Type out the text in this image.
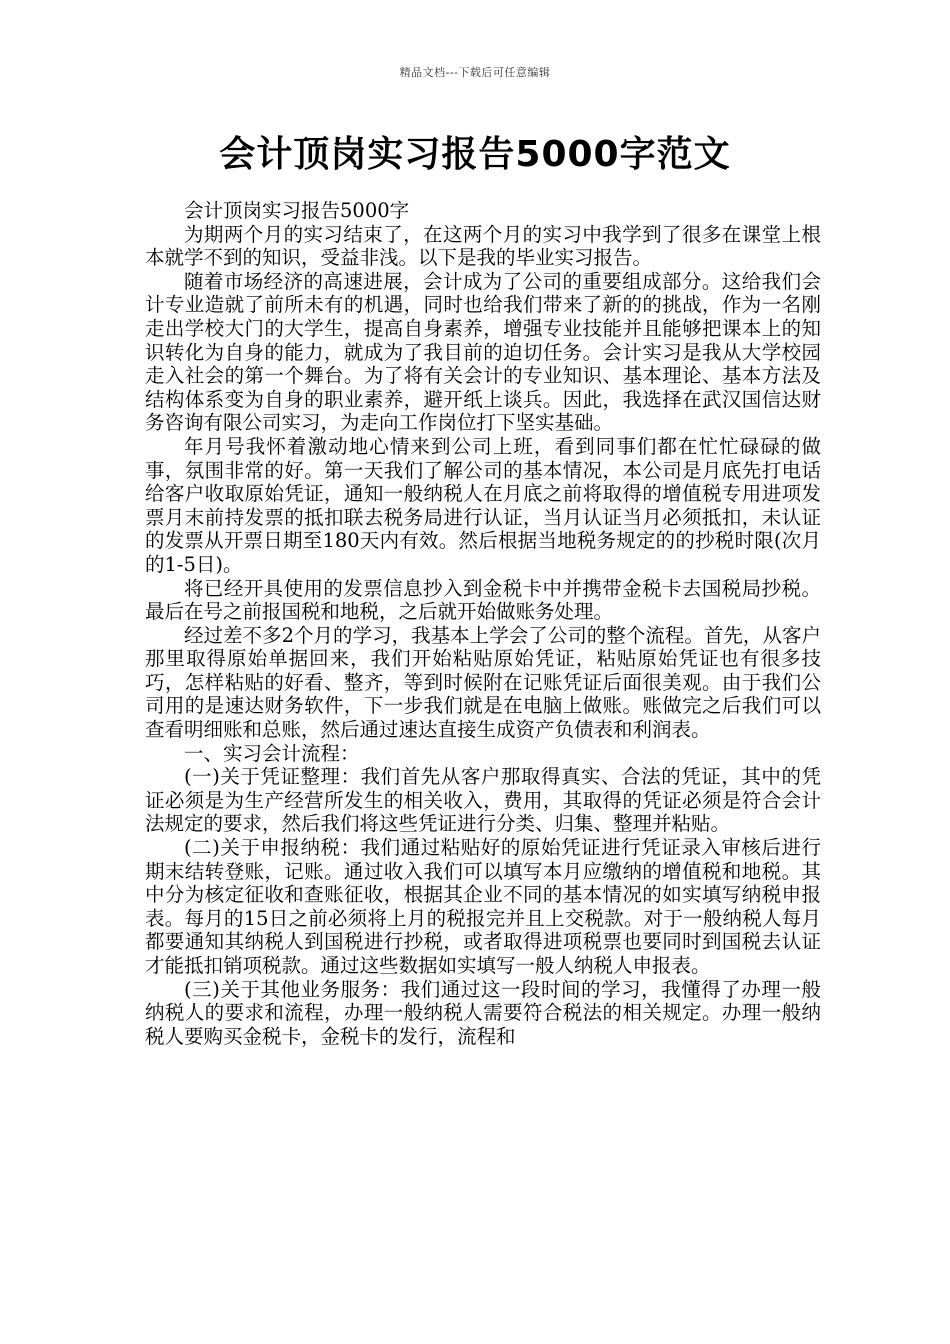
精品文档---下载后可任意编辑
会计顶岗实习报告5000字范文

会计顶岗实习报告5000字

为期两个月的实习结束了，在这两个月的实习中我学到了很多在课堂上根本就学不到的知识，受益非浅。以下是我的毕业实习报告。

随着市场经济的高速进展，会计成为了公司的重要组成部分。这给我们会计专业造就了前所未有的机遇，同时也给我们带来了新的的挑战，作为一名刚走出学校大门的大学生，提高自身素养，增强专业技能并且能够把课本上的知识转化为自身的能力，就成为了我目前的迫切任务。会计实习是我从大学校园走入社会的第一个舞台。为了将有关会计的专业知识、基本理论、基本方法及结构体系变为自身的职业素养，避开纸上谈兵。因此，我选择在武汉国信达财务咨询有限公司实习，为走向工作岗位打下坚实基础。

年月号我怀着激动地心情来到公司上班，看到同事们都在忙忙碌碌的做事，氛围非常的好。第一天我们了解公司的基本情况，本公司是月底先打电话给客户收取原始凭证，通知一般纳税人在月底之前将取得的增值税专用进项发票月末前持发票的抵扣联去税务局进行认证，当月认证当月必须抵扣，未认证的发票从开票日期至180天内有效。然后根据当地税务规定的的抄税时限(次月的1-5日)。

将已经开具使用的发票信息抄入到金税卡中并携带金税卡去国税局抄税。最后在号之前报国税和地税，之后就开始做账务处理。

经过差不多2个月的学习，我基本上学会了公司的整个流程。首先，从客户那里取得原始单据回来，我们开始粘贴原始凭证，粘贴原始凭证也有很多技巧，怎样粘贴的好看、整齐，等到时候附在记账凭证后面很美观。由于我们公司用的是速达财务软件，下一步我们就是在电脑上做账。账做完之后我们可以查看明细账和总账，然后通过速达直接生成资产负债表和利润表。

一、实习会计流程：

(一)关于凭证整理：我们首先从客户那取得真实、合法的凭证，其中的凭证必须是为生产经营所发生的相关收入，费用，其取得的凭证必须是符合会计法规定的要求，然后我们将这些凭证进行分类、归集、整理并粘贴。

(二)关于申报纳税：我们通过粘贴好的原始凭证进行凭证录入审核后进行期末结转登账，记账。通过收入我们可以填写本月应缴纳的增值税和地税。其中分为核定征收和查账征收，根据其企业不同的基本情况的如实填写纳税申报表。每月的15日之前必须将上月的税报完并且上交税款。对于一般纳税人每月都要通知其纳税人到国税进行抄税，或者取得进项税票也要同时到国税去认证才能抵扣销项税款。通过这些数据如实填写一般人纳税人申报表。

(三)关于其他业务服务：我们通过这一段时间的学习，我懂得了办理一般纳税人的要求和流程，办理一般纳税人需要符合税法的相关规定。办理一般纳税人要购买金税卡，金税卡的发行，流程和
